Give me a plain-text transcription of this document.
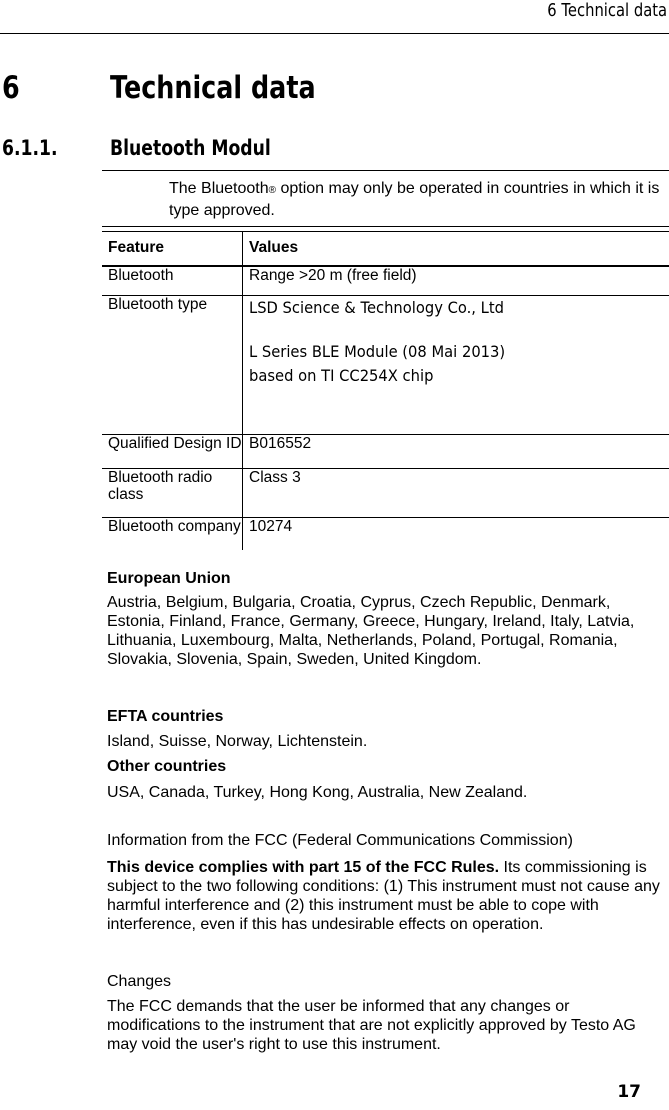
6 Technical data
6	Technical data
6.1.1. Bluetooth Modul
The Bluetooth® option may only be operated in countries in which it is type approved.
Feature	Values
Bluetooth	Range >20 m (free field)
Bluetooth type	LSD Science & Technology Co., Ltd
L Series BLE Module (08 Mai 2013)
based on TI CC254X chip

Qualified Design ID	B016552
Bluetooth radio class	Class 3
Bluetooth company	10274
European Union
Austria, Belgium, Bulgaria, Croatia, Cyprus, Czech Republic, Denmark, Estonia, Finland, France, Germany, Greece, Hungary, Ireland, Italy, Latvia, Lithuania, Luxembourg, Malta, Netherlands, Poland, Portugal, Romania, Slovakia, Slovenia, Spain, Sweden, United Kingdom.
EFTA countries
Island, Suisse, Norway, Lichtenstein.
Other countries
USA, Canada, Turkey, Hong Kong, Australia, New Zealand.
Information from the FCC (Federal Communications Commission)
This device complies with part 15 of the FCC Rules. Its commissioning is subject to the two following conditions: (1) This instrument must not cause any harmful interference and (2) this instrument must be able to cope with interference, even if this has undesirable effects on operation.
Changes
The FCC demands that the user be informed that any changes or modifications to the instrument that are not explicitly approved by Testo AG may void the user's right to use this instrument.
17
